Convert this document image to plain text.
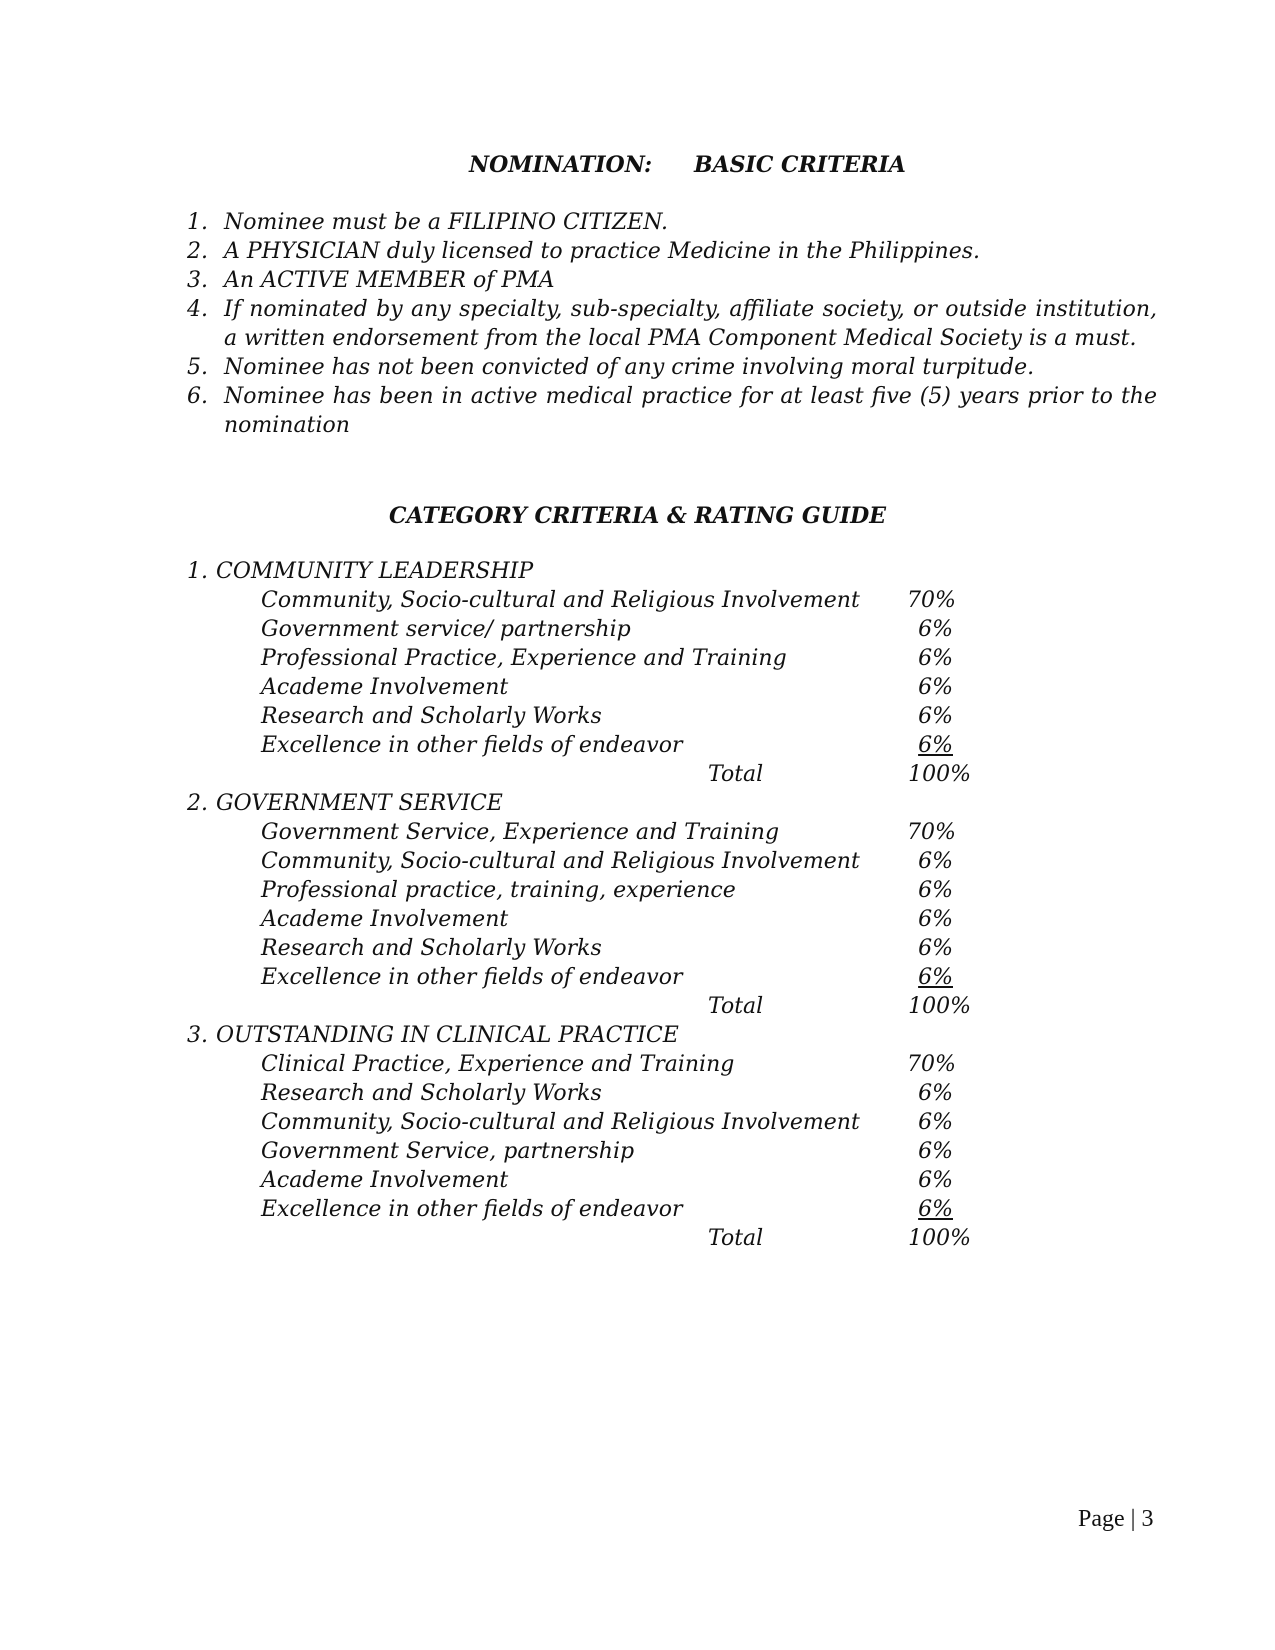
NOMINATION: BASIC CRITERIA
1. Nominee must be a FILIPINO CITIZEN.
2. A PHYSICIAN duly licensed to practice Medicine in the Philippines.
3. An ACTIVE MEMBER of PMA
4. If nominated by any specialty, sub-specialty, affiliate society, or outside institution, a written endorsement from the local PMA Component Medical Society is a must.
5. Nominee has not been convicted of any crime involving moral turpitude.
6. Nominee has been in active medical practice for at least five (5) years prior to the nomination
CATEGORY CRITERIA & RATING GUIDE
1. COMMUNITY LEADERSHIP
Community, Socio-cultural and Religious Involvement 70%
Government service/ partnership	6%
Professional Practice, Experience and Training	6%
Academe Involvement	6%
Research and Scholarly Works	6%
Excellence in other fields of endeavor	6%
Total	100%
2. GOVERNMENT SERVICE
Government Service, Experience and Training	70%
Community, Socio-cultural and Religious Involvement	6%
Professional practice, training, experience	6%
Academe Involvement	6%
Research and Scholarly Works	6%
Excellence in other fields of endeavor	6%
Total	100%
3. OUTSTANDING IN CLINICAL PRACTICE
Clinical Practice, Experience and Training	70%
Research and Scholarly Works	6%
Community, Socio-cultural and Religious Involvement	6%
Government Service, partnership	6%
Academe Involvement	6%
Excellence in other fields of endeavor	6%
Total	100%
Page | 3
